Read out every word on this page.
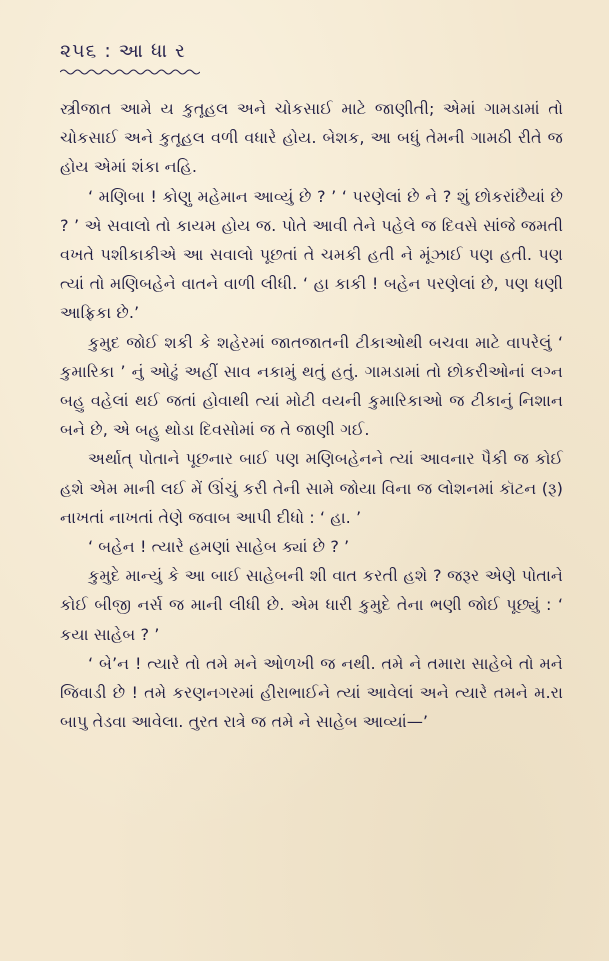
૨૫૬ : આ ધા ર

સ્ત્રીજાત આમે ય કુતૂહલ અને ચોકસાઈ માટે જાણીતી; એમાં ગામડામાં તો ચોકસાઈ અને કુતૂહલ વળી વધારે હોય. બેશક, આ બધું તેમની ગામઠી રીતે જ હોય એમાં શંકા નહિ.

‘ મણિબા ! કોણુ મહેમાન આવ્યું છે ? ’ ‘ પરણેલાં છે ને ? શું છોકરાંછૈયાં છે ? ’ એ સવાલો તો કાયમ હોય જ. પોતે આવી તેને પહેલે જ દિવસે સાંજે જમતી વખતે પશીકાકીએ આ સવાલો પૂછતાં તે ચમકી હતી ને મૂંઝાઈ પણ હતી. પણ ત્યાં તો મણિબહેને વાતને વાળી લીધી. ‘ હા કાકી ! બહેન પરણેલાં છે, પણ ધણી આફ્રિકા છે.’

કુમુદ જોઈ શકી કે શહેરમાં જાતજાતની ટીકાઓથી બચવા માટે વાપરેલું ‘ કુમારિકા ’ નું ઓઢું અહીં સાવ નકામું થતું હતું. ગામડામાં તો છોકરીઓનાં લગ્ન બહુ વહેલાં થઈ જતાં હોવાથી ત્યાં મોટી વયની કુમારિકાઓ જ ટીકાનું નિશાન બને છે, એ બહુ થોડા દિવસોમાં જ તે જાણી ગઈ.

અર્થાત્ પોતાને પૂછનાર બાઈ પણ મણિબહેનને ત્યાં આવનાર પૈકી જ કોઈ હશે એમ માની લઈ મેં ઊંચું કરી તેની સામે જોયા વિના જ લોશનમાં કૉટન (રૂ) નાખતાં નાખતાં તેણે જવાબ આપી દીધો : ‘ હા. ’

‘ બહેન ! ત્યારે હમણાં સાહેબ ક્યાં છે ? ’

કુમુદે માન્યું કે આ બાઈ સાહેબની શી વાત કરતી હશે ? જરૂર એણે પોતાને કોઈ બીજી નર્સ જ માની લીધી છે. એમ ધારી કુમુદે તેના ભણી જોઈ પૂછ્યું : ‘ કયા સાહેબ ? ’

‘ બે’ન ! ત્યારે તો તમે મને ઓળખી જ નથી. તમે ને તમારા સાહેબે તો મને જિવાડી છે ! તમે કરણનગરમાં હીરાભાઈને ત્યાં આવેલાં અને ત્યારે તમને મ.રા બાપુ તેડવા આવેલા. તુરત રાત્રે જ તમે ને સાહેબ આવ્યાં—’
